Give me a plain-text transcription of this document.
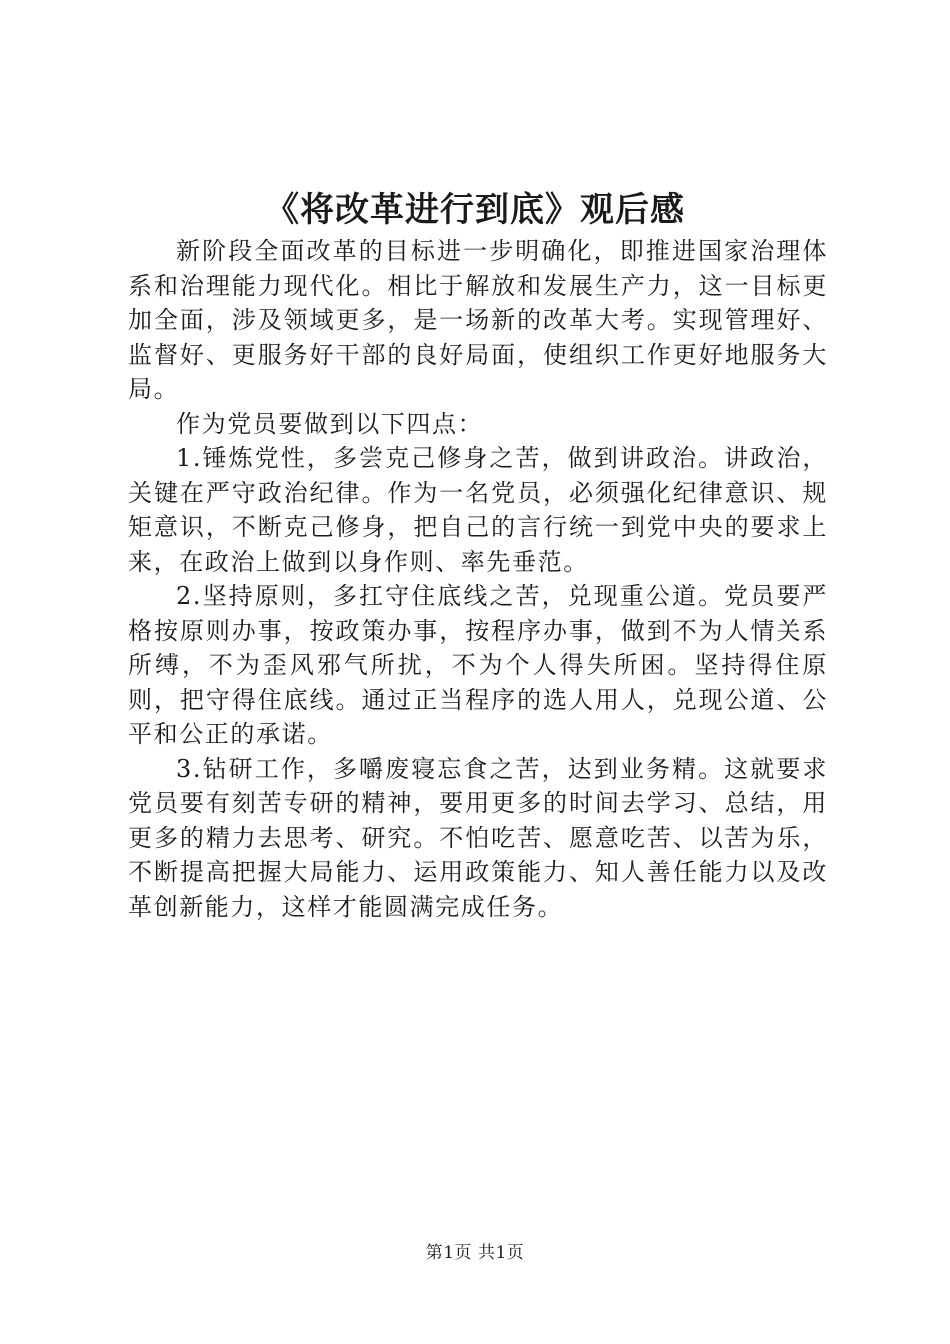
《将改革进行到底》观后感

新阶段全面改革的目标进一步明确化，即推进国家治理体系和治理能力现代化。相比于解放和发展生产力，这一目标更加全面，涉及领域更多，是一场新的改革大考。实现管理好、监督好、更服务好干部的良好局面，使组织工作更好地服务大局。

作为党员要做到以下四点：

1.锤炼党性，多尝克己修身之苦，做到讲政治。讲政治，关键在严守政治纪律。作为一名党员，必须强化纪律意识、规矩意识，不断克己修身，把自己的言行统一到党中央的要求上来，在政治上做到以身作则、率先垂范。

2.坚持原则，多扛守住底线之苦，兑现重公道。党员要严格按原则办事，按政策办事，按程序办事，做到不为人情关系所缚，不为歪风邪气所扰，不为个人得失所困。坚持得住原则，把守得住底线。通过正当程序的选人用人，兑现公道、公平和公正的承诺。

3.钻研工作，多嚼废寝忘食之苦，达到业务精。这就要求党员要有刻苦专研的精神，要用更多的时间去学习、总结，用更多的精力去思考、研究。不怕吃苦、愿意吃苦、以苦为乐，不断提高把握大局能力、运用政策能力、知人善任能力以及改革创新能力，这样才能圆满完成任务。

第1页 共1页
